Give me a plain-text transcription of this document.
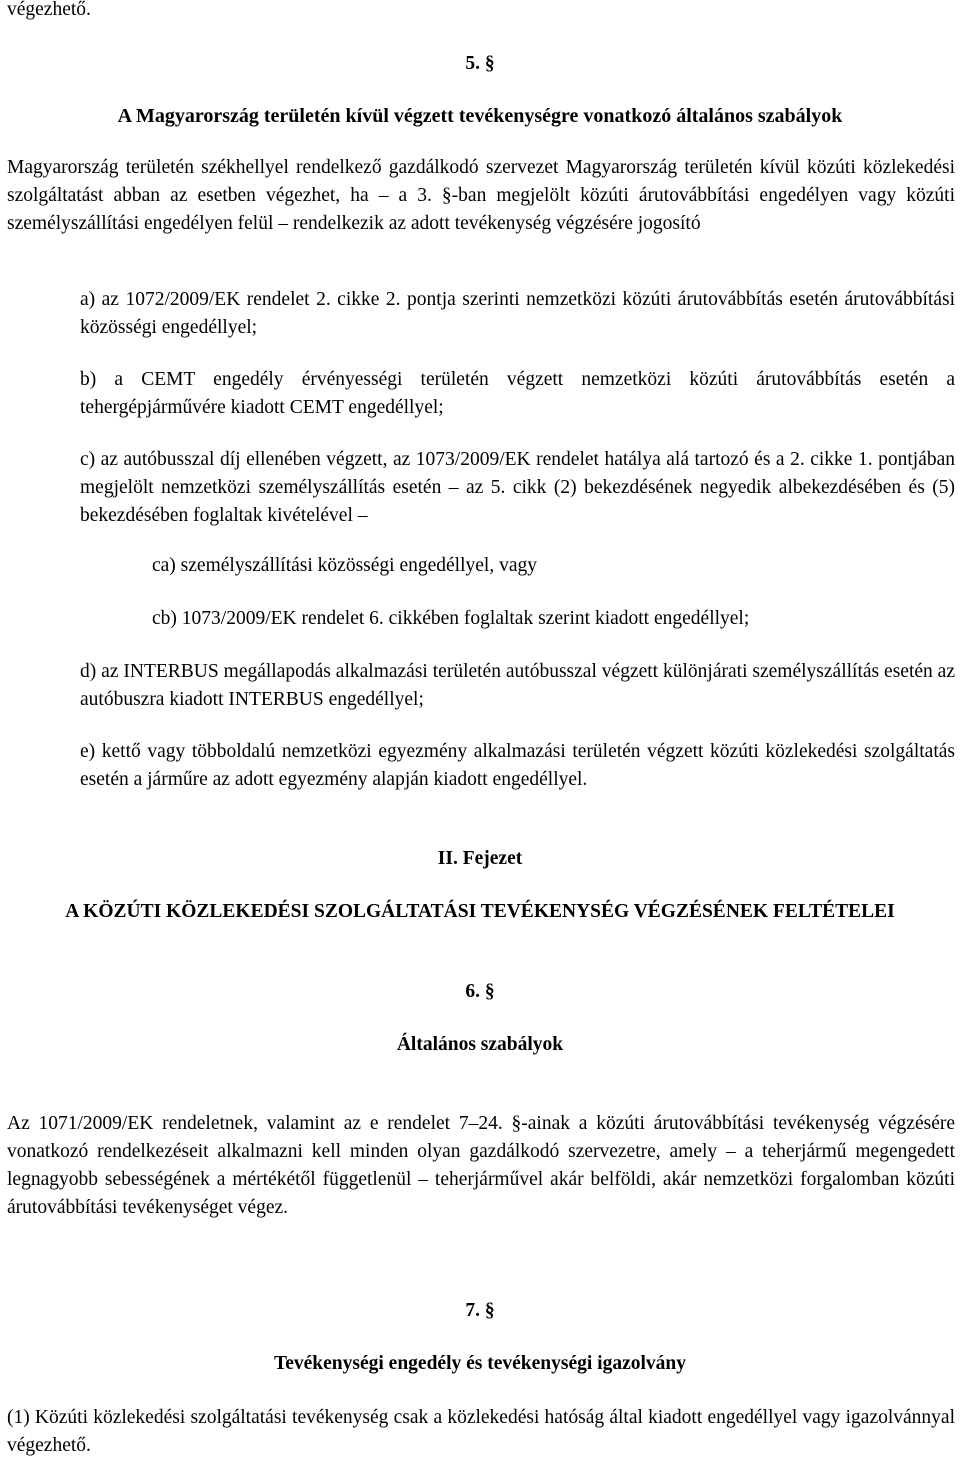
végezhető.

5. §

A Magyarország területén kívül végzett tevékenységre vonatkozó általános szabályok

Magyarország területén székhellyel rendelkező gazdálkodó szervezet Magyarország területén kívül közúti közlekedési szolgáltatást abban az esetben végezhet, ha – a 3. §-ban megjelölt közúti árutovábbítási engedélyen vagy közúti személyszállítási engedélyen felül – rendelkezik az adott tevékenység végzésére jogosító

a) az 1072/2009/EK rendelet 2. cikke 2. pontja szerinti nemzetközi közúti árutovábbítás esetén árutovábbítási közösségi engedéllyel;

b) a CEMT engedély érvényességi területén végzett nemzetközi közúti árutovábbítás esetén a tehergépjárművére kiadott CEMT engedéllyel;

c) az autóbusszal díj ellenében végzett, az 1073/2009/EK rendelet hatálya alá tartozó és a 2. cikke 1. pontjában megjelölt nemzetközi személyszállítás esetén – az 5. cikk (2) bekezdésének negyedik albekezdésében és (5) bekezdésében foglaltak kivételével –

ca) személyszállítási közösségi engedéllyel, vagy

cb) 1073/2009/EK rendelet 6. cikkében foglaltak szerint kiadott engedéllyel;

d) az INTERBUS megállapodás alkalmazási területén autóbusszal végzett különjárati személyszállítás esetén az autóbuszra kiadott INTERBUS engedéllyel;

e) kettő vagy többoldalú nemzetközi egyezmény alkalmazási területén végzett közúti közlekedési szolgáltatás esetén a járműre az adott egyezmény alapján kiadott engedéllyel.

II. Fejezet

A KÖZÚTI KÖZLEKEDÉSI SZOLGÁLTATÁSI TEVÉKENYSÉG VÉGZÉSÉNEK FELTÉTELEI

6. §

Általános szabályok

Az 1071/2009/EK rendeletnek, valamint az e rendelet 7–24. §-ainak a közúti árutovábbítási tevékenység végzésére vonatkozó rendelkezéseit alkalmazni kell minden olyan gazdálkodó szervezetre, amely – a teherjármű megengedett legnagyobb sebességének a mértékétől függetlenül – teherjárművel akár belföldi, akár nemzetközi forgalomban közúti árutovábbítási tevékenységet végez.

7. §

Tevékenységi engedély és tevékenységi igazolvány

(1) Közúti közlekedési szolgáltatási tevékenység csak a közlekedési hatóság által kiadott engedéllyel vagy igazolvánnyal végezhető.
